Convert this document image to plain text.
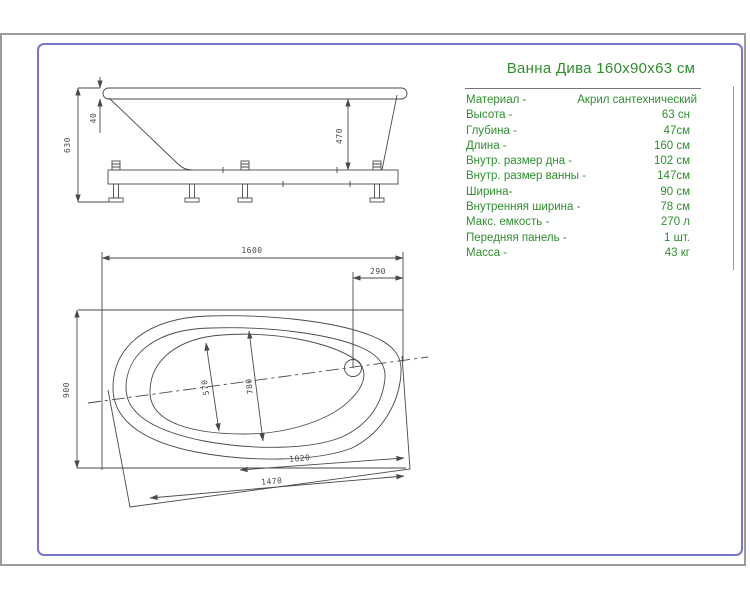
630
40
470
1600
290
900	570	780
1020
1470
Ванна Дива 160х90х63 см
Материал -	Акрил сантехнический
Высота -	63 сн
Глубина -	47см
Длина -	160 см
Внутр. размер дна -	102 см
Внутр. размер ванны -	147см
Ширина-	90 см
Внутренняя ширина -	78 см
Макс. емкость -	270 л
Передняя панель -	1 шт.
Масса -	43 кг
